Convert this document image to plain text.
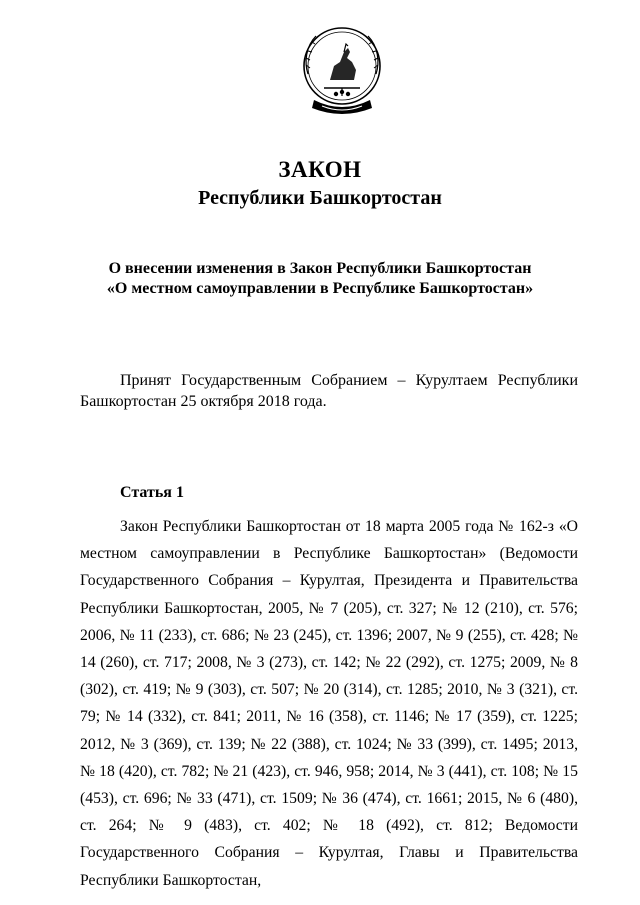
ЗАКОН
Республики Башкортостан
О внесении изменения в Закон Республики Башкортостан
«О местном самоуправлении в Республике Башкортостан»
Принят Государственным Собранием – Курултаем Республики Башкортостан 25 октября 2018 года.
Статья 1
Закон Республики Башкортостан от 18 марта 2005 года № 162-з «О местном самоуправлении в Республике Башкортостан» (Ведомости Государственного Собрания – Курултая, Президента и Правительства Республики Башкортостан, 2005, № 7 (205), ст. 327; № 12 (210), ст. 576; 2006, № 11 (233), ст. 686; № 23 (245), ст. 1396; 2007, № 9 (255), ст. 428; № 14 (260), ст. 717; 2008, № 3 (273), ст. 142; № 22 (292), ст. 1275; 2009, № 8 (302), ст. 419; № 9 (303), ст. 507; № 20 (314), ст. 1285; 2010, № 3 (321), ст. 79; № 14 (332), ст. 841; 2011, № 16 (358), ст. 1146; № 17 (359), ст. 1225; 2012, № 3 (369), ст. 139; № 22 (388), ст. 1024; № 33 (399), ст. 1495; 2013, № 18 (420), ст. 782; № 21 (423), ст. 946, 958; 2014, № 3 (441), ст. 108; № 15 (453), ст. 696; № 33 (471), ст. 1509; № 36 (474), ст. 1661; 2015, № 6 (480), ст. 264; № 9 (483), ст. 402; № 18 (492), ст. 812; Ведомости Государственного Собрания – Курултая, Главы и Правительства Республики Башкортостан,
